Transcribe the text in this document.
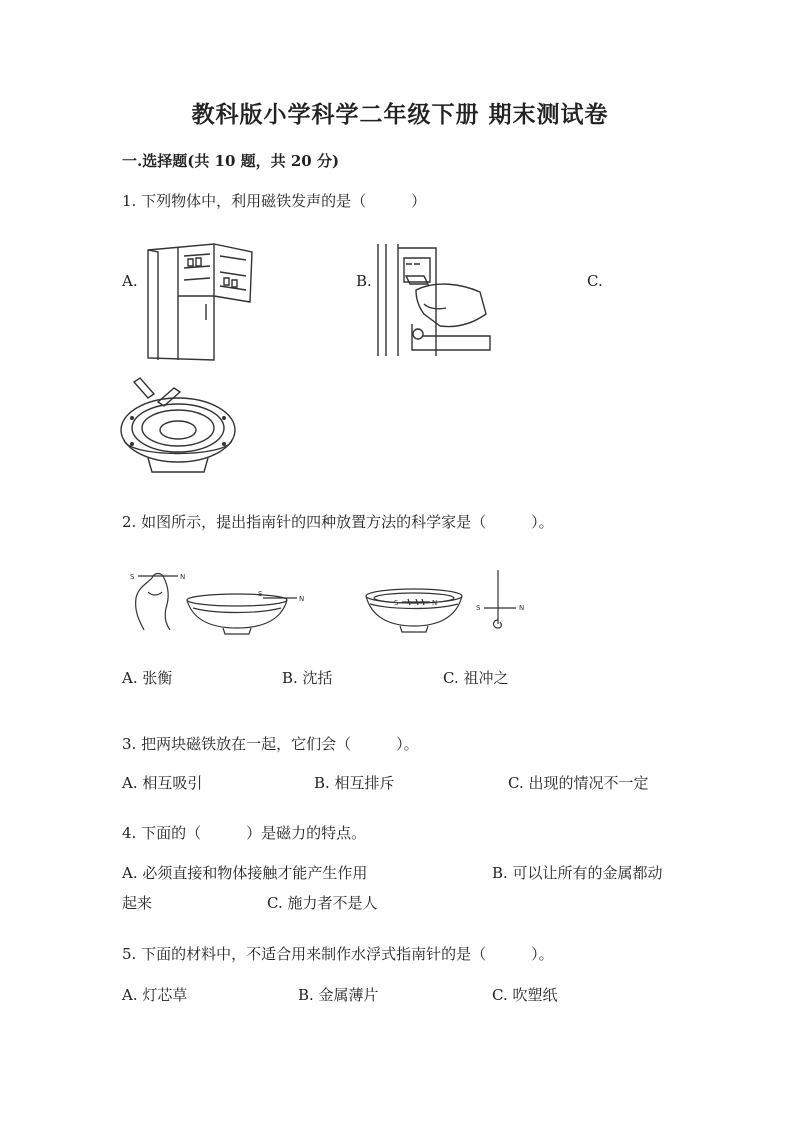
教科版小学科学二年级下册 期末测试卷
一.选择题(共 10 题，共 20 分)
1. 下列物体中，利用磁铁发声的是（　　　）
A.	B.	C.
2. 如图所示，提出指南针的四种放置方法的科学家是（　　　）。
S	N
S
N	S	N
S	N
A. 张衡	B. 沈括	C. 祖冲之
3. 把两块磁铁放在一起，它们会（　　　）。
A. 相互吸引	B. 相互排斥	C. 出现的情况不一定
4. 下面的（　　　）是磁力的特点。
A. 必须直接和物体接触才能产生作用	B. 可以让所有的金属都动
起来	C. 施力者不是人
5. 下面的材料中，不适合用来制作水浮式指南针的是（　　　）。
A. 灯芯草	B. 金属薄片	C. 吹塑纸
